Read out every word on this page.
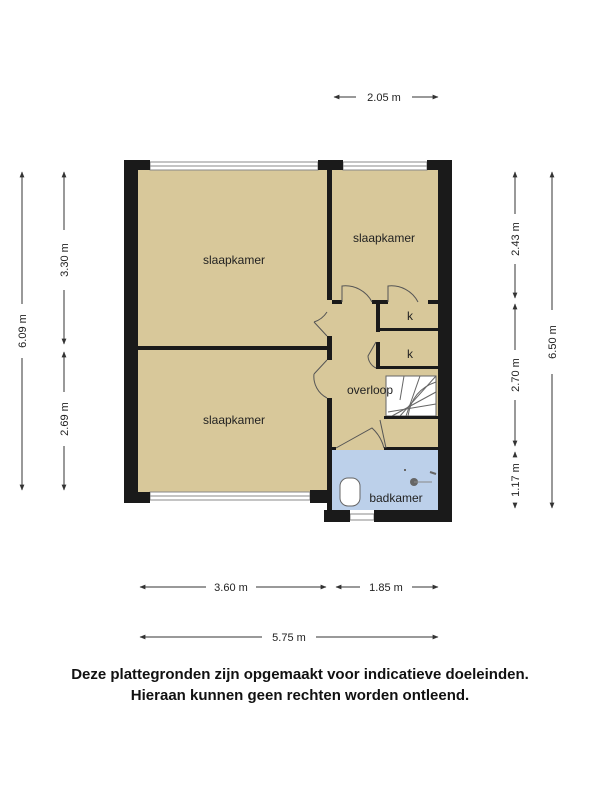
slaapkamer
slaapkamer
slaapkamer
k
k
overloop
badkamer
2.05 m
6.09 m
3.30 m
2.69 m
2.43 m
2.70 m
1.17 m
6.50 m
3.60 m	1.85 m
5.75 m
Deze plattegronden zijn opgemaakt voor indicatieve doeleinden.
Hieraan kunnen geen rechten worden ontleend.
